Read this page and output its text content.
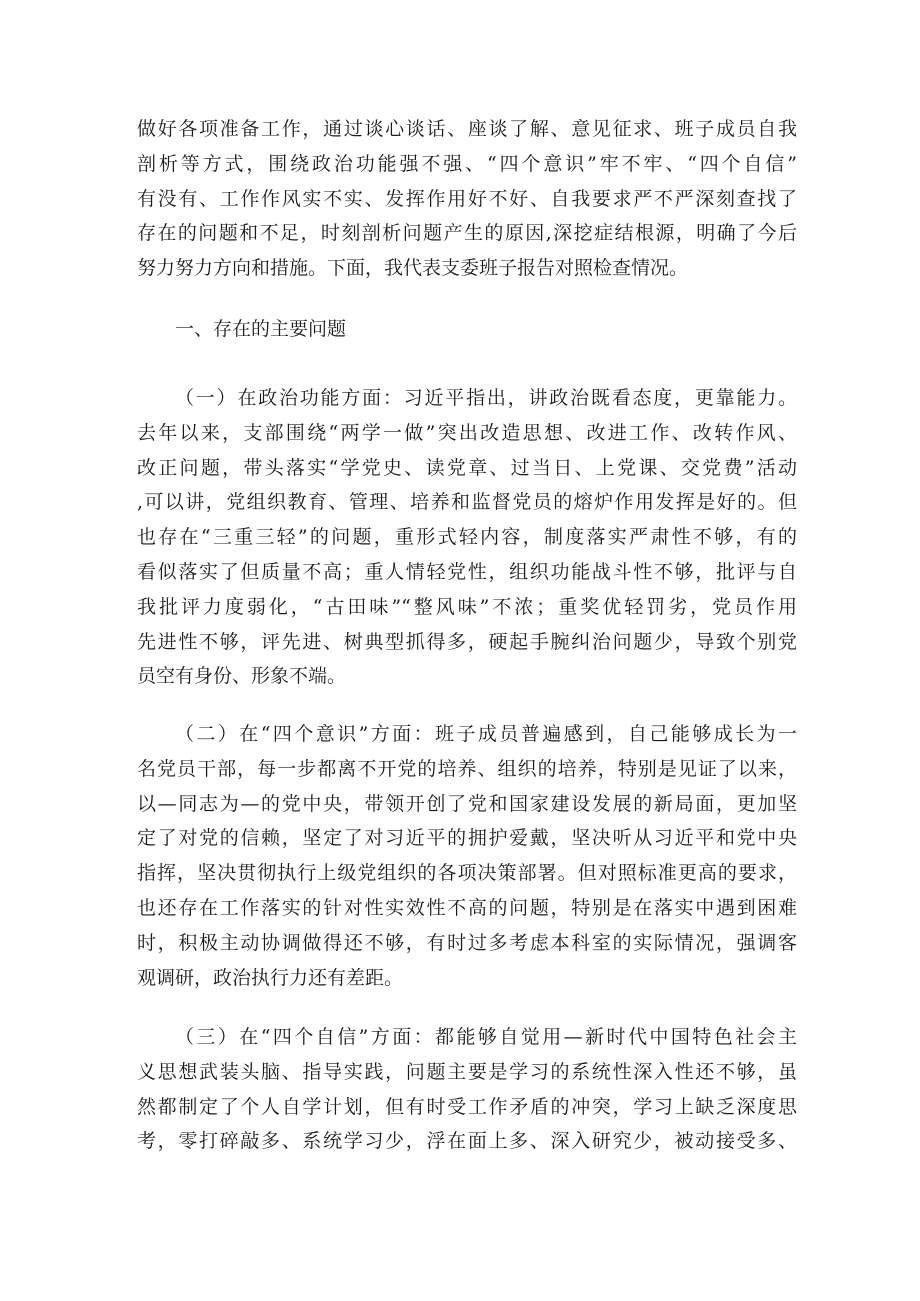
做好各项准备工作，通过谈心谈话、座谈了解、意见征求、班子成员自我
剖析等方式，围绕政治功能强不强、“四个意识”牢不牢、“四个自信”
有没有、工作作风实不实、发挥作用好不好、自我要求严不严深刻查找了
存在的问题和不足，时刻剖析问题产生的原因,深挖症结根源，明确了今后
努力努力方向和措施。下面，我代表支委班子报告对照检查情况。
一、存在的主要问题
（一）在政治功能方面：习近平指出，讲政治既看态度，更靠能力。
去年以来，支部围绕“两学一做”突出改造思想、改进工作、改转作风、
改正问题，带头落实“学党史、读党章、过当日、上党课、交党费”活动
,可以讲，党组织教育、管理、培养和监督党员的熔炉作用发挥是好的。但
也存在“三重三轻”的问题，重形式轻内容，制度落实严肃性不够，有的
看似落实了但质量不高；重人情轻党性，组织功能战斗性不够，批评与自
我批评力度弱化，“古田味”“整风味”不浓；重奖优轻罚劣，党员作用
先进性不够，评先进、树典型抓得多，硬起手腕纠治问题少，导致个别党
员空有身份、形象不端。
（二）在“四个意识”方面：班子成员普遍感到，自己能够成长为一
名党员干部，每一步都离不开党的培养、组织的培养，特别是见证了以来，
以—同志为—的党中央，带领开创了党和国家建设发展的新局面，更加坚
定了对党的信赖，坚定了对习近平的拥护爱戴，坚决听从习近平和党中央
指挥，坚决贯彻执行上级党组织的各项决策部署。但对照标准更高的要求，
也还存在工作落实的针对性实效性不高的问题，特别是在落实中遇到困难
时，积极主动协调做得还不够，有时过多考虑本科室的实际情况，强调客
观调研，政治执行力还有差距。
（三）在“四个自信”方面：都能够自觉用—新时代中国特色社会主
义思想武装头脑、指导实践，问题主要是学习的系统性深入性还不够，虽
然都制定了个人自学计划，但有时受工作矛盾的冲突，学习上缺乏深度思
考，零打碎敲多、系统学习少，浮在面上多、深入研究少，被动接受多、
